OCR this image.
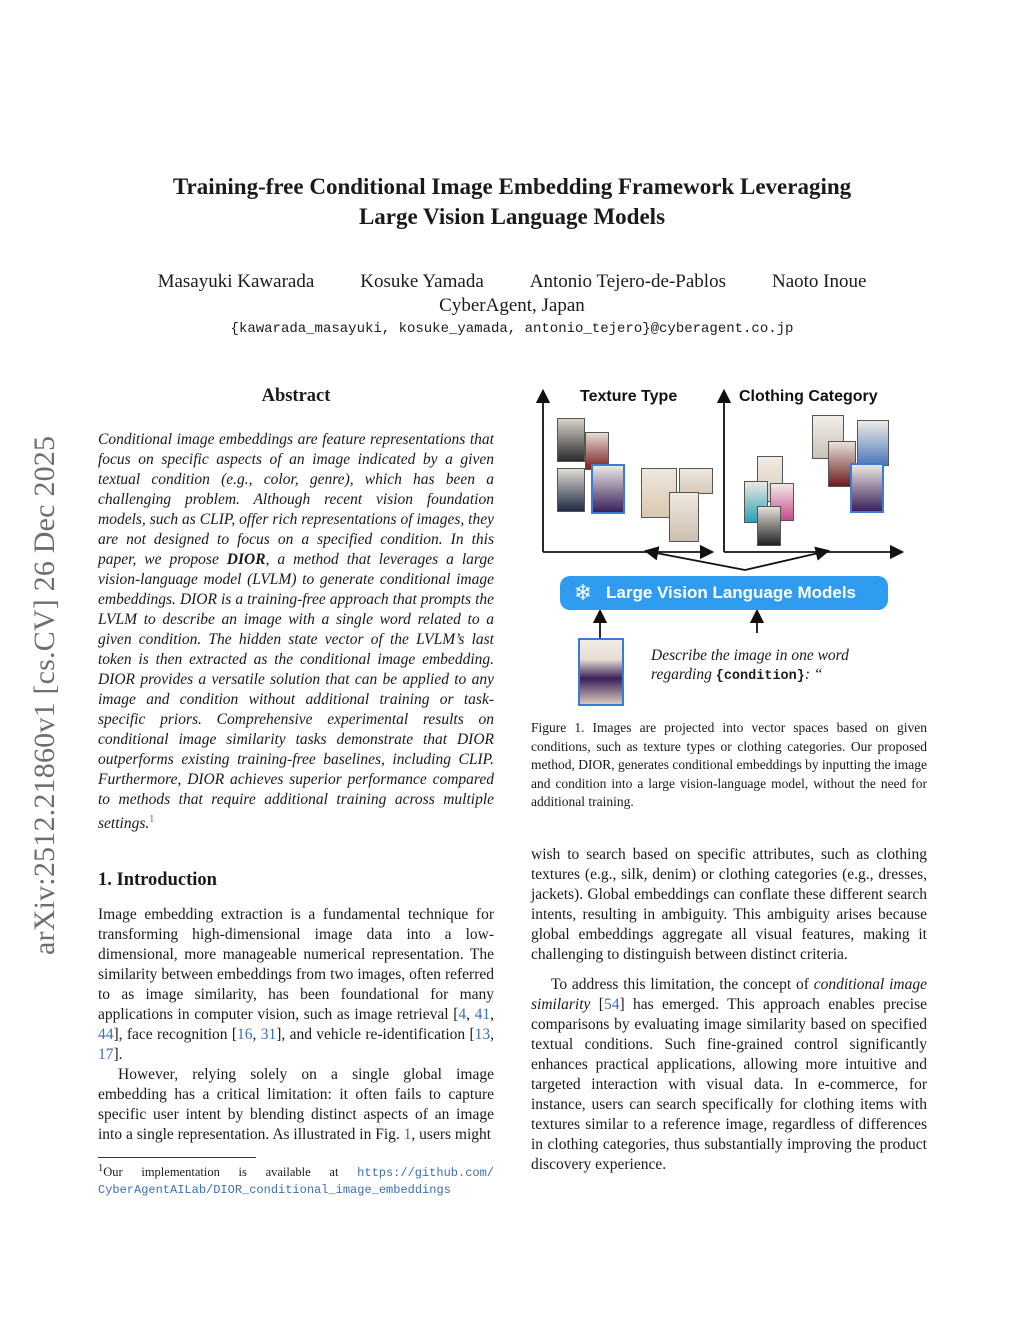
arXiv:2512.21860v1 [cs.CV] 26 Dec 2025
Training-free Conditional Image Embedding Framework Leveraging
Large Vision Language Models
Masayuki Kawarada Kosuke Yamada Antonio Tejero-de-Pablos Naoto Inoue
CyberAgent, Japan
{kawarada_masayuki, kosuke_yamada, antonio_tejero}@cyberagent.co.jp
Abstract
Conditional image embeddings are feature representations that focus on specific aspects of an image indicated by a given textual condition (e.g., color, genre), which has been a challenging problem. Although recent vision foundation models, such as CLIP, offer rich representations of images, they are not designed to focus on a specified condition. In this paper, we propose DIOR, a method that leverages a large vision-language model (LVLM) to generate conditional image embeddings. DIOR is a training-free approach that prompts the LVLM to describe an image with a single word related to a given condition. The hidden state vector of the LVLM’s last token is then extracted as the conditional image embedding. DIOR provides a versatile solution that can be applied to any image and condition without additional training or task-specific priors. Comprehensive experimental results on conditional image similarity tasks demonstrate that DIOR outperforms existing training-free baselines, including CLIP. Furthermore, DIOR achieves superior performance compared to methods that require additional training across multiple settings.$^1$
1. Introduction
Image embedding extraction is a fundamental technique for transforming high-dimensional image data into a low-dimensional, more manageable numerical representation. The similarity between embeddings from two images, often referred to as image similarity, has been foundational for many applications in computer vision, such as image retrieval [4, 41, 44], face recognition [16, 31], and vehicle re-identification [13, 17].
However, relying solely on a single global image embedding has a critical limitation: it often fails to capture specific user intent by blending distinct aspects of an image into a single representation. As illustrated in Fig. 1, users might
$^1$Our implementation is available at https://github.com/ CyberAgentAILab/DIOR_conditional_image_embeddings
Texture Type	Clothing Category
❄ Large Vision Language Models
Describe the image in one word
regarding {condition}: “
Figure 1. Images are projected into vector spaces based on given conditions, such as texture types or clothing categories. Our proposed method, DIOR, generates conditional embeddings by inputting the image and condition into a large vision-language model, without the need for additional training.
wish to search based on specific attributes, such as clothing textures (e.g., silk, denim) or clothing categories (e.g., dresses, jackets). Global embeddings can conflate these different search intents, resulting in ambiguity. This ambiguity arises because global embeddings aggregate all visual features, making it challenging to distinguish between distinct criteria.
To address this limitation, the concept of conditional image similarity [54] has emerged. This approach enables precise comparisons by evaluating image similarity based on specified textual conditions. Such fine-grained control significantly enhances practical applications, allowing more intuitive and targeted interaction with visual data. In e-commerce, for instance, users can search specifically for clothing items with textures similar to a reference image, regardless of differences in clothing categories, thus substantially improving the product discovery experience.
